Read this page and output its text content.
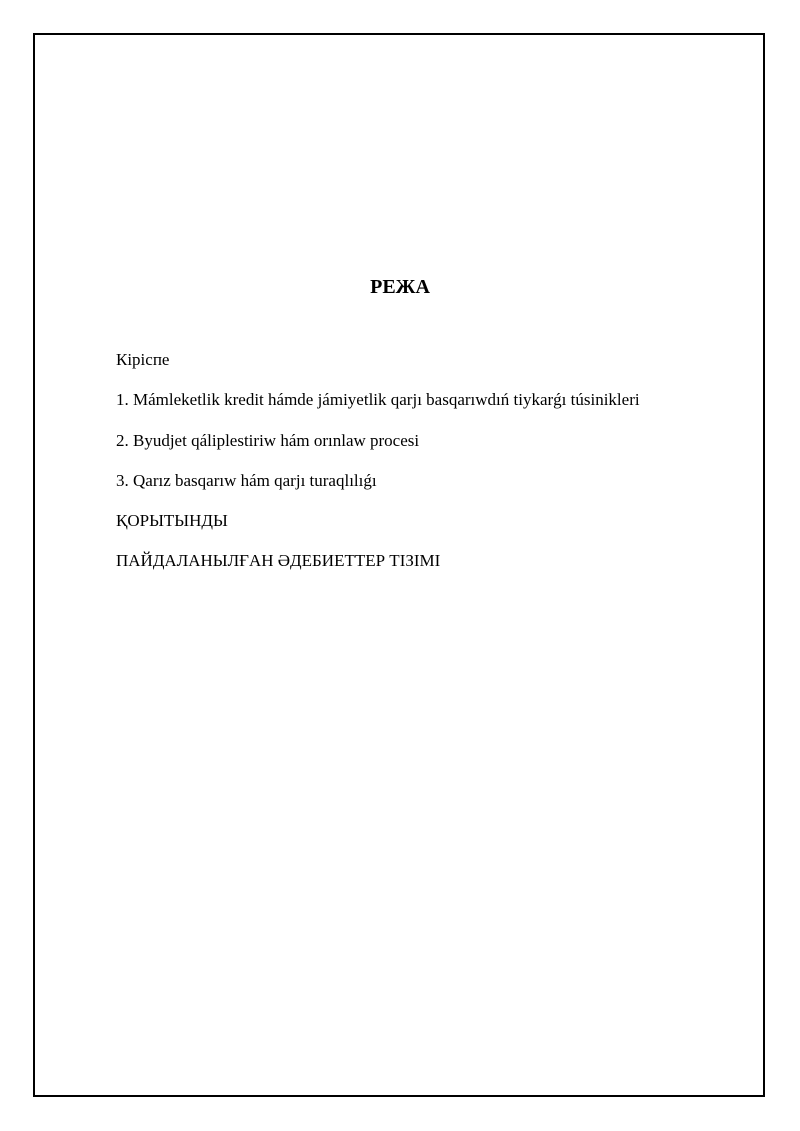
РЕЖА
Кiрiспе
1. Mámleketlik kredit hámde jámiyetlik qarjı basqarıwdıń tiykarǵı túsinikleri
2. Byudjet qáliplestiriw hám orınlaw procesi
3. Qarız basqarıw hám qarjı turaqlılıǵı
ҚОРЫТЫНДЫ
ПАЙДАЛАНЫЛҒАН ӘДЕБИЕТТЕР ТIЗIМI
